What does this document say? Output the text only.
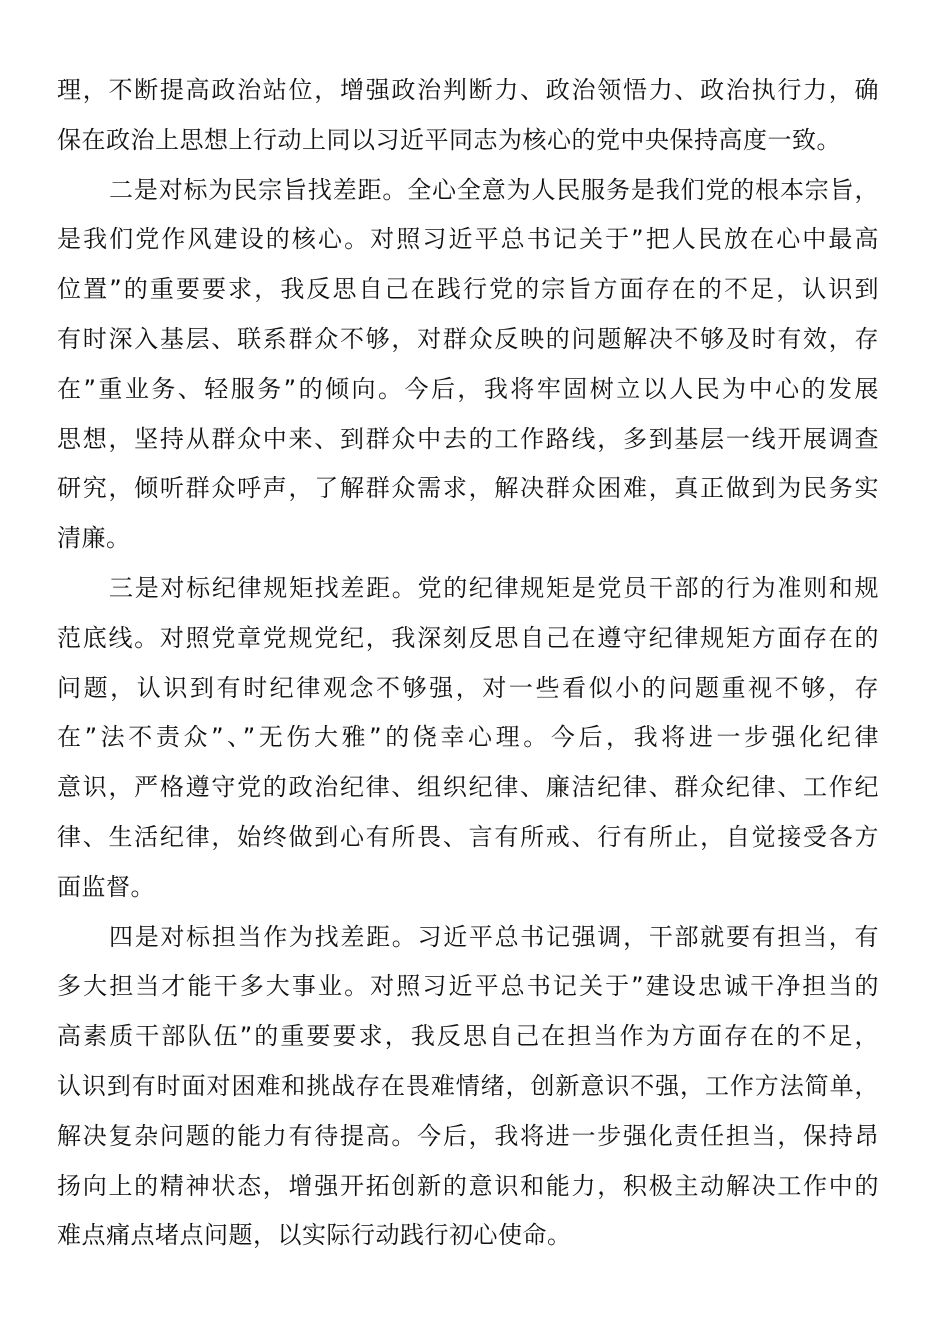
理，不断提高政治站位，增强政治判断力、政治领悟力、政治执行力，确
保在政治上思想上行动上同以习近平同志为核心的党中央保持高度一致。
二是对标为民宗旨找差距。全心全意为人民服务是我们党的根本宗旨，
是我们党作风建设的核心。对照习近平总书记关于”把人民放在心中最高
位置”的重要要求，我反思自己在践行党的宗旨方面存在的不足，认识到
有时深入基层、联系群众不够，对群众反映的问题解决不够及时有效，存
在”重业务、轻服务”的倾向。今后，我将牢固树立以人民为中心的发展
思想，坚持从群众中来、到群众中去的工作路线，多到基层一线开展调查
研究，倾听群众呼声，了解群众需求，解决群众困难，真正做到为民务实
清廉。
三是对标纪律规矩找差距。党的纪律规矩是党员干部的行为准则和规
范底线。对照党章党规党纪，我深刻反思自己在遵守纪律规矩方面存在的
问题，认识到有时纪律观念不够强，对一些看似小的问题重视不够，存
在”法不责众”、”无伤大雅”的侥幸心理。今后，我将进一步强化纪律
意识，严格遵守党的政治纪律、组织纪律、廉洁纪律、群众纪律、工作纪
律、生活纪律，始终做到心有所畏、言有所戒、行有所止，自觉接受各方
面监督。
四是对标担当作为找差距。习近平总书记强调，干部就要有担当，有
多大担当才能干多大事业。对照习近平总书记关于”建设忠诚干净担当的
高素质干部队伍”的重要要求，我反思自己在担当作为方面存在的不足，
认识到有时面对困难和挑战存在畏难情绪，创新意识不强，工作方法简单，
解决复杂问题的能力有待提高。今后，我将进一步强化责任担当，保持昂
扬向上的精神状态，增强开拓创新的意识和能力，积极主动解决工作中的
难点痛点堵点问题，以实际行动践行初心使命。
